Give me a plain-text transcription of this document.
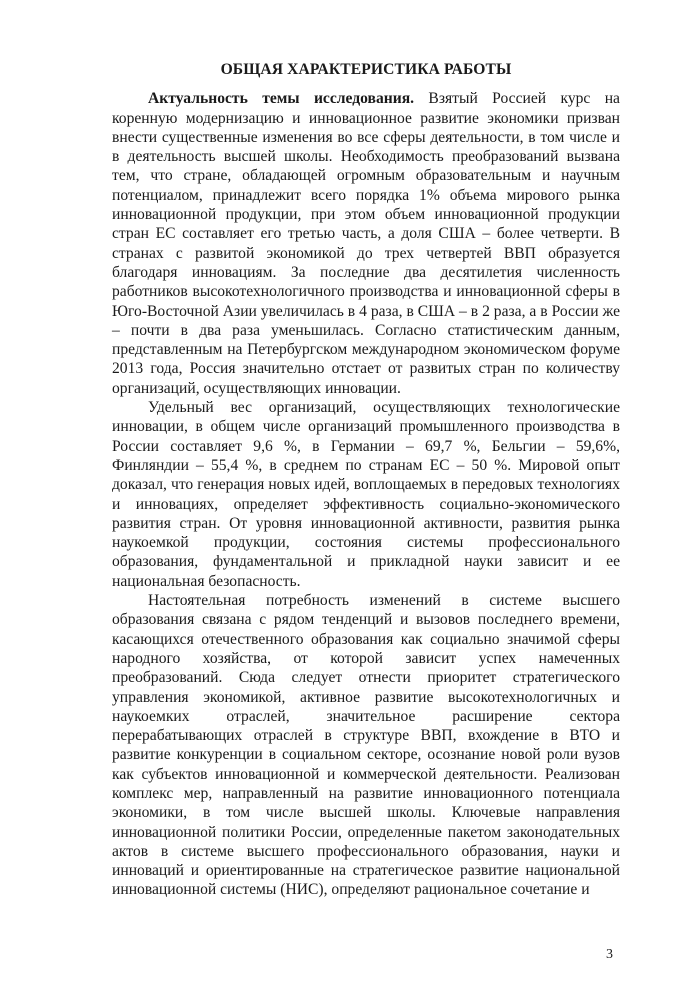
ОБЩАЯ ХАРАКТЕРИСТИКА РАБОТЫ

Актуальность темы исследования. Взятый Россией курс на коренную модернизацию и инновационное развитие экономики призван внести существенные изменения во все сферы деятельности, в том числе и в деятельность высшей школы. Необходимость преобразований вызвана тем, что стране, обладающей огромным образовательным и научным потенциалом, принадлежит всего порядка 1% объема мирового рынка инновационной продукции, при этом объем инновационной продукции стран ЕС составляет его третью часть, а доля США – более четверти. В странах с развитой экономикой до трех четвертей ВВП образуется благодаря инновациям. За последние два десятилетия численность работников высокотехнологичного производства и инновационной сферы в Юго-Восточной Азии увеличилась в 4 раза, в США – в 2 раза, а в России же – почти в два раза уменьшилась. Согласно статистическим данным, представленным на Петербургском международном экономическом форуме 2013 года, Россия значительно отстает от развитых стран по количеству организаций, осуществляющих инновации.

Удельный вес организаций, осуществляющих технологические инновации, в общем числе организаций промышленного производства в России составляет 9,6 %, в Германии – 69,7 %, Бельгии – 59,6%, Финляндии – 55,4 %, в среднем по странам ЕС – 50 %. Мировой опыт доказал, что генерация новых идей, воплощаемых в передовых технологиях и инновациях, определяет эффективность социально-экономического развития стран. От уровня инновационной активности, развития рынка наукоемкой продукции, состояния системы профессионального образования, фундаментальной и прикладной науки зависит и ее национальная безопасность.

Настоятельная потребность изменений в системе высшего образования связана с рядом тенденций и вызовов последнего времени, касающихся отечественного образования как социально значимой сферы народного хозяйства, от которой зависит успех намеченных преобразований. Сюда следует отнести приоритет стратегического управления экономикой, активное развитие высокотехнологичных и наукоемких отраслей, значительное расширение сектора перерабатывающих отраслей в структуре ВВП, вхождение в ВТО и развитие конкуренции в социальном секторе, осознание новой роли вузов как субъектов инновационной и коммерческой деятельности. Реализован комплекс мер, направленный на развитие инновационного потенциала экономики, в том числе высшей школы. Ключевые направления инновационной политики России, определенные пакетом законодательных актов в системе высшего профессионального образования, науки и инноваций и ориентированные на стратегическое развитие национальной инновационной системы (НИС), определяют рациональное сочетание и

3
